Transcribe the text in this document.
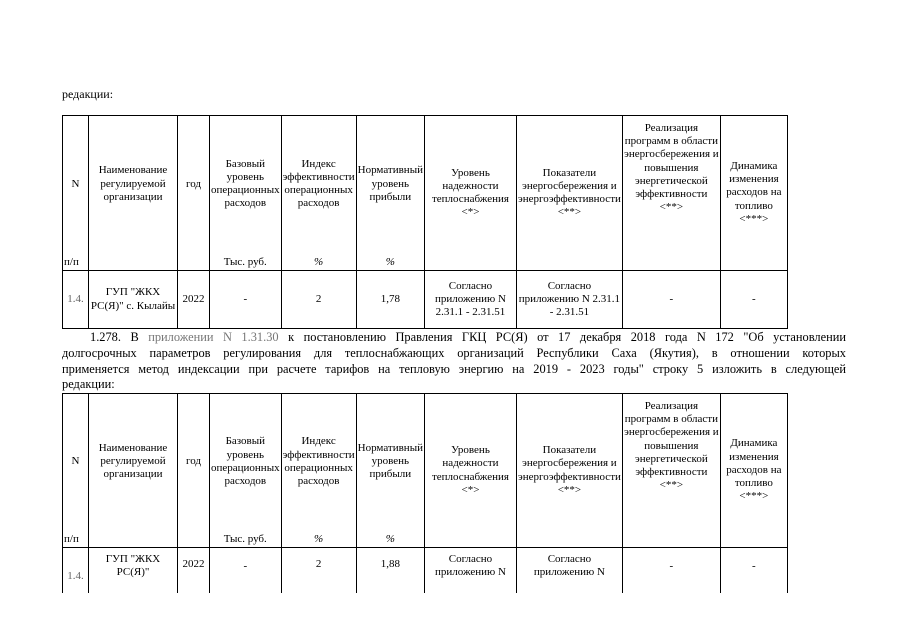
редакции:

N	Наименование регулируемой организации	год	Базовый уровень операционных расходов	Индекс эффективности операционных расходов	Нормативный уровень прибыли	Уровень надежности теплоснабжения <*>	Показатели энергосбережения и энергоэффективности <**>	Реализация программ в области энергосбережения и повышения энергетической эффективности <**>	Динамика изменения расходов на топливо <***>
п/п			Тыс. руб.	%	%				
1.4.	ГУП "ЖКХ РС(Я)" с. Кылайы	2022	-	2	1,78	Согласно приложению N 2.31.1 - 2.31.51	Согласно приложению N 2.31.1 - 2.31.51	-	-
1.278. В приложении N 1.31.30 к постановлению Правления ГКЦ РС(Я) от 17 декабря 2018 года N 172 "Об установлении
долгосрочных параметров регулирования для теплоснабжающих организаций Республики Саха (Якутия), в отношении которых
применяется метод индексации при расчете тарифов на тепловую энергию на 2019 - 2023 годы" строку 5 изложить в следующей
редакции:
N	Наименование регулируемой организации	год	Базовый уровень операционных расходов	Индекс эффективности операционных расходов	Нормативный уровень прибыли	Уровень надежности теплоснабжения <*>	Показатели энергосбережения и энергоэффективности <**>	Реализация программ в области энергосбережения и повышения энергетической эффективности <**>	Динамика изменения расходов на топливо <***>
п/п			Тыс. руб.	%	%				
1.4.	ГУП "ЖКХ РС(Я)"	2022	-	2	1,88	Согласно приложению N	Согласно приложению N	-	-
